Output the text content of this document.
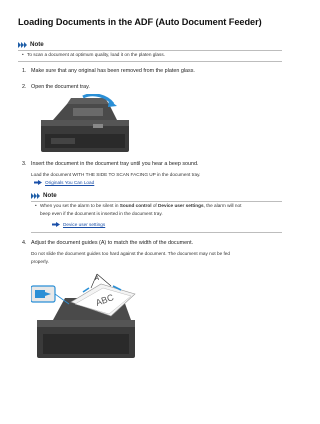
Loading Documents in the ADF (Auto Document Feeder)
Note
• To scan a document at optimum quality, load it on the platen glass.
1. Make sure that any original has been removed from the platen glass.
2. Open the document tray.
3. Insert the document in the document tray until you hear a beep sound.
Load the document WITH THE SIDE TO SCAN FACING UP in the document tray.
Originals You Can Load
Note
• When you set the alarm to be silent in Sound control of Device user settings, the alarm will not
beep even if the document is inserted in the document tray.
Device user settings
4. Adjust the document guides (A) to match the width of the document.
Do not slide the document guides too hard against the document. The document may not be fed
properly.
ABC
A
